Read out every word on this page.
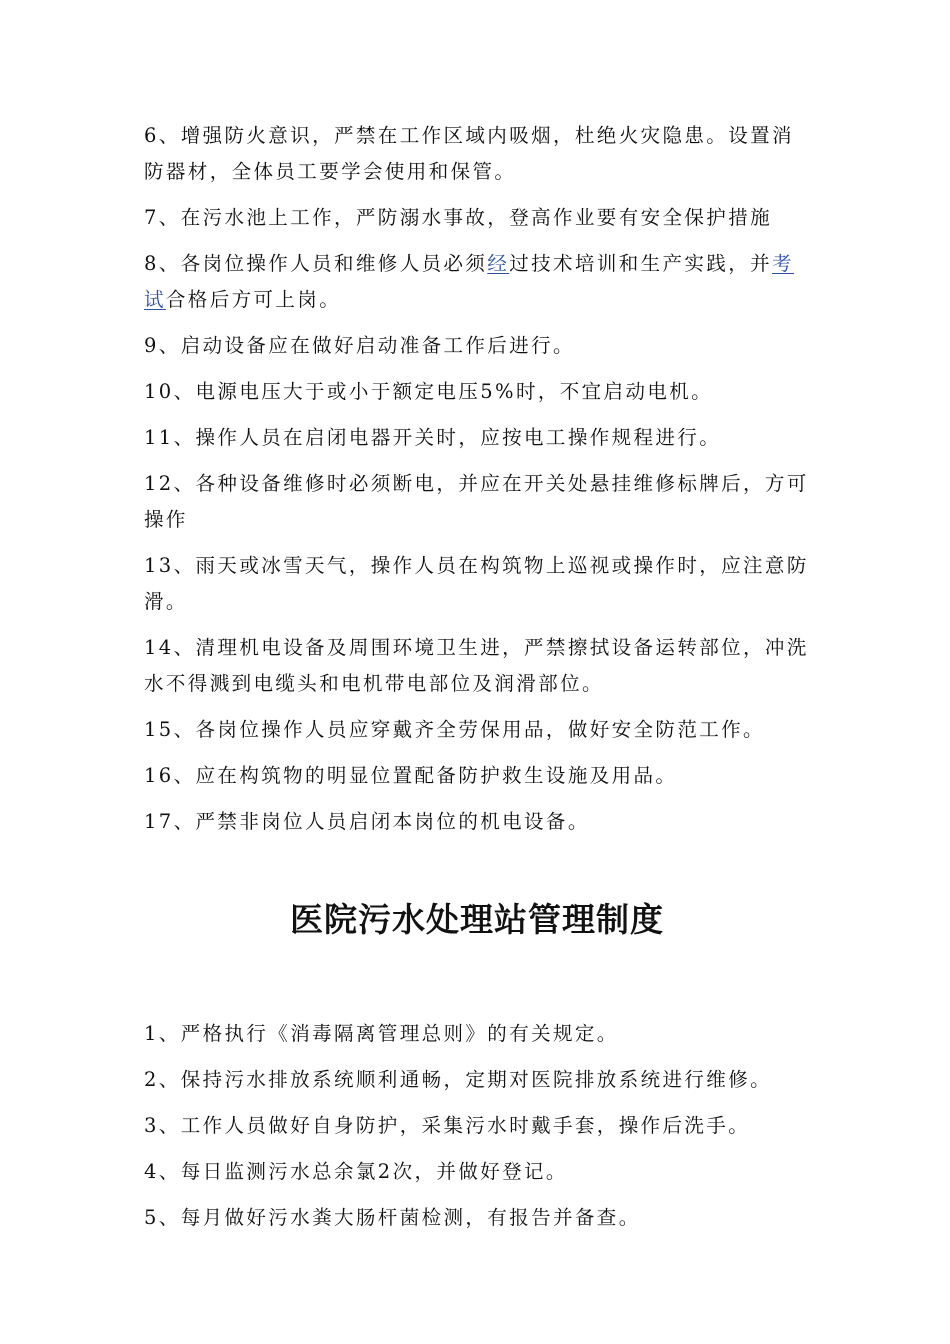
6、增强防火意识，严禁在工作区域内吸烟，杜绝火灾隐患。设置消防器材，全体员工要学会使用和保管。

7、在污水池上工作，严防溺水事故，登高作业要有安全保护措施

8、各岗位操作人员和维修人员必须经过技术培训和生产实践，并考试合格后方可上岗。

9、启动设备应在做好启动准备工作后进行。

10、电源电压大于或小于额定电压5%时，不宜启动电机。

11、操作人员在启闭电器开关时，应按电工操作规程进行。

12、各种设备维修时必须断电，并应在开关处悬挂维修标牌后，方可操作

13、雨天或冰雪天气，操作人员在构筑物上巡视或操作时，应注意防滑。

14、清理机电设备及周围环境卫生进，严禁擦拭设备运转部位，冲洗水不得溅到电缆头和电机带电部位及润滑部位。

15、各岗位操作人员应穿戴齐全劳保用品，做好安全防范工作。

16、应在构筑物的明显位置配备防护救生设施及用品。

17、严禁非岗位人员启闭本岗位的机电设备。

医院污水处理站管理制度

1、严格执行《消毒隔离管理总则》的有关规定。

2、保持污水排放系统顺利通畅，定期对医院排放系统进行维修。

3、工作人员做好自身防护，采集污水时戴手套，操作后洗手。

4、每日监测污水总余氯2次，并做好登记。

5、每月做好污水粪大肠杆菌检测，有报告并备查。
